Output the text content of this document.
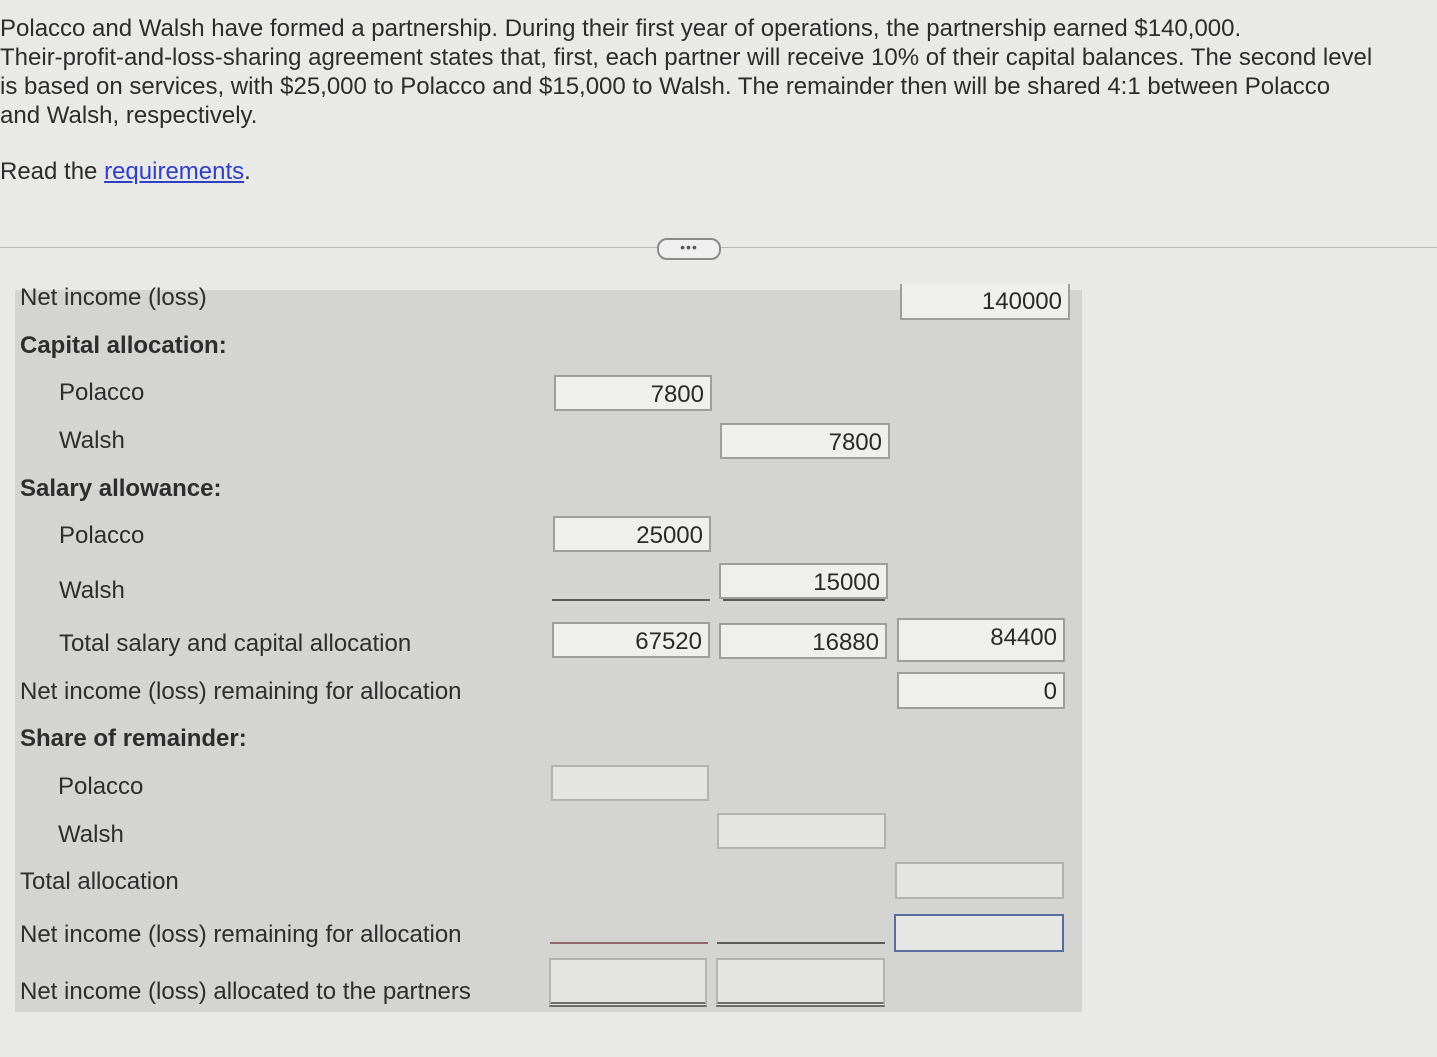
Polacco and Walsh have formed a partnership. During their first year of operations, the partnership earned $140,000.

Their-profit-and-loss-sharing agreement states that, first, each partner will receive 10% of their capital balances. The second level

is based on services, with $25,000 to Polacco and $15,000 to Walsh. The remainder then will be shared 4:1 between Polacco

and Walsh, respectively.

Read the requirements.
•••
Net income (loss)
Capital allocation:
Polacco
Walsh
Salary allowance:
Polacco
Walsh
Total salary and capital allocation
Net income (loss) remaining for allocation
Share of remainder:
Polacco
Walsh
Total allocation
Net income (loss) remaining for allocation
Net income (loss) allocated to the partners
140000
7800
7800
25000
15000
67520	16880	84400
0
